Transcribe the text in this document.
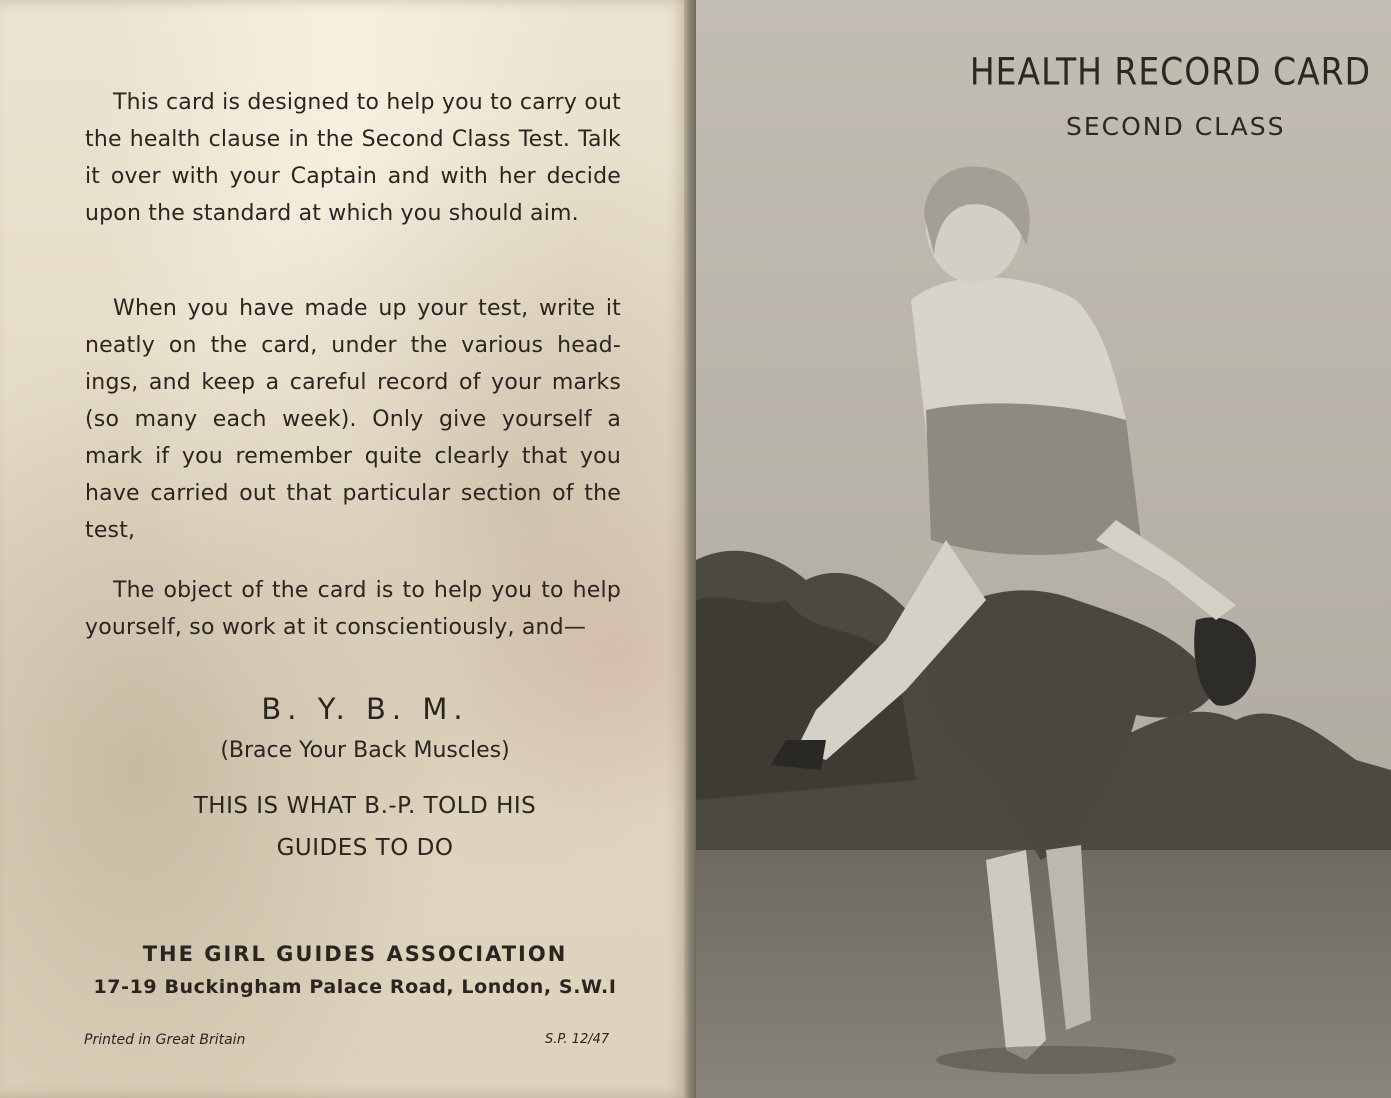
This card is designed to help you to carry out the health clause in the Second Class Test. Talk it over with your Captain and with her decide upon the standard at which you should aim.

When you have made up your test, write it neatly on the card, under the various head-ings, and keep a careful record of your marks (so many each week). Only give yourself a mark if you remember quite clearly that you have carried out that particular section of the test,

The object of the card is to help you to help yourself, so work at it conscientiously, and—

B. Y. B. M.

(Brace Your Back Muscles)

THIS IS WHAT B.-P. TOLD HIS

GUIDES TO DO

THE GIRL GUIDES ASSOCIATION

17-19 Buckingham Palace Road, London, S.W.I

Printed in Great Britain	S.P. 12/47

HEALTH RECORD CARD

SECOND CLASS
